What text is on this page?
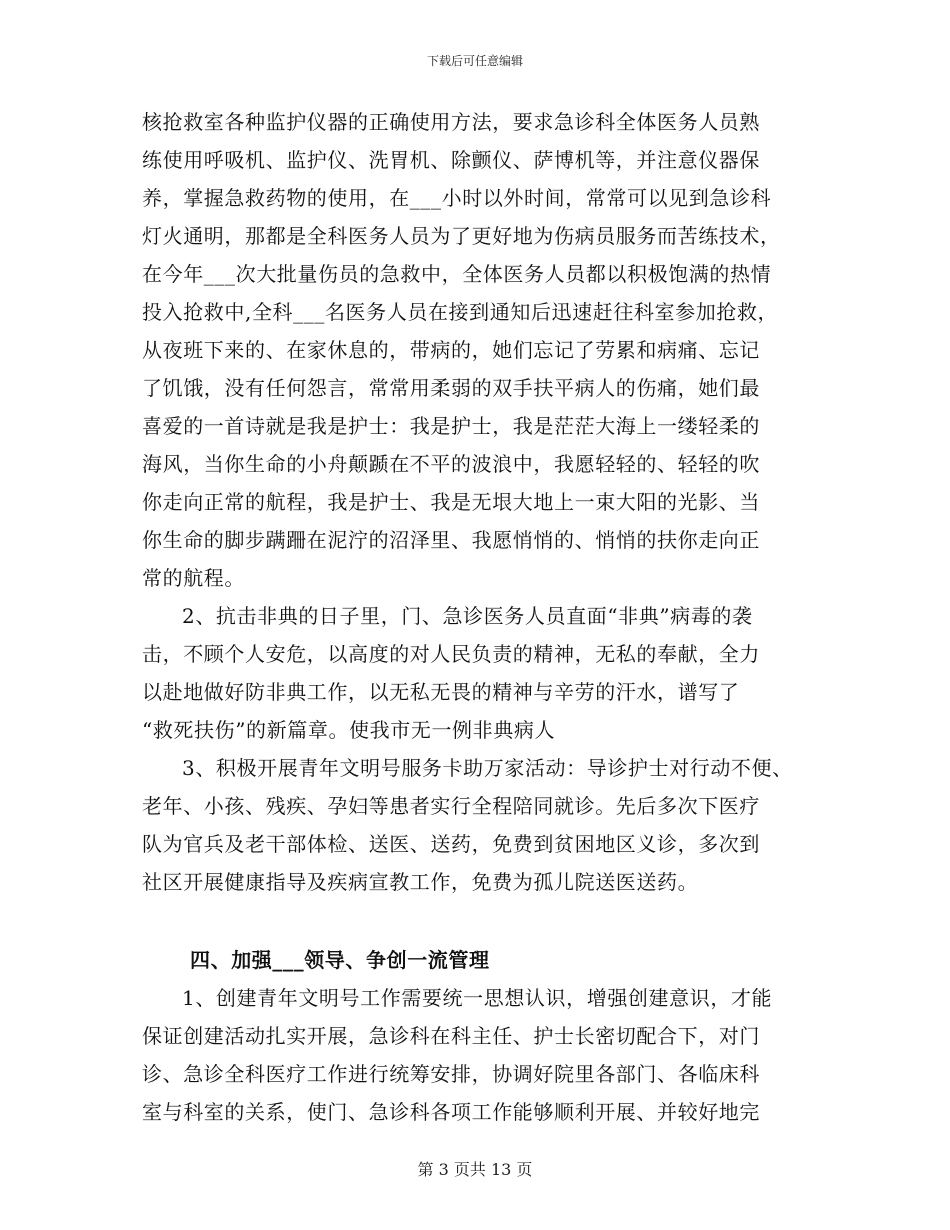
下载后可任意编辑
核抢救室各种监护仪器的正确使用方法，要求急诊科全体医务人员熟
练使用呼吸机、监护仪、洗胃机、除颤仪、萨博机等，并注意仪器保
养，掌握急救药物的使用，在___小时以外时间，常常可以见到急诊科
灯火通明，那都是全科医务人员为了更好地为伤病员服务而苦练技术，
在今年___次大批量伤员的急救中，全体医务人员都以积极饱满的热情
投入抢救中,全科___名医务人员在接到通知后迅速赶往科室参加抢救，
从夜班下来的、在家休息的，带病的，她们忘记了劳累和病痛、忘记
了饥饿，没有任何怨言，常常用柔弱的双手扶平病人的伤痛，她们最
喜爱的一首诗就是我是护士：我是护士，我是茫茫大海上一缕轻柔的
海风，当你生命的小舟颠踬在不平的波浪中，我愿轻轻的、轻轻的吹
你走向正常的航程，我是护士、我是无垠大地上一束大阳的光影、当
你生命的脚步蹒跚在泥泞的沼泽里、我愿悄悄的、悄悄的扶你走向正
常的航程。
2、抗击非典的日子里，门、急诊医务人员直面“非典”病毒的袭
击，不顾个人安危，以高度的对人民负责的精神，无私的奉献，全力
以赴地做好防非典工作，以无私无畏的精神与辛劳的汗水，谱写了
“救死扶伤”的新篇章。使我市无一例非典病人
3、积极开展青年文明号服务卡助万家活动：导诊护士对行动不便、
老年、小孩、残疾、孕妇等患者实行全程陪同就诊。先后多次下医疗
队为官兵及老干部体检、送医、送药，免费到贫困地区义诊，多次到
社区开展健康指导及疾病宣教工作，免费为孤儿院送医送药。
四、加强___领导、争创一流管理
1、创建青年文明号工作需要统一思想认识，增强创建意识，才能
保证创建活动扎实开展，急诊科在科主任、护士长密切配合下，对门
诊、急诊全科医疗工作进行统筹安排，协调好院里各部门、各临床科
室与科室的关系，使门、急诊科各项工作能够顺利开展、并较好地完
第 3 页共 13 页
